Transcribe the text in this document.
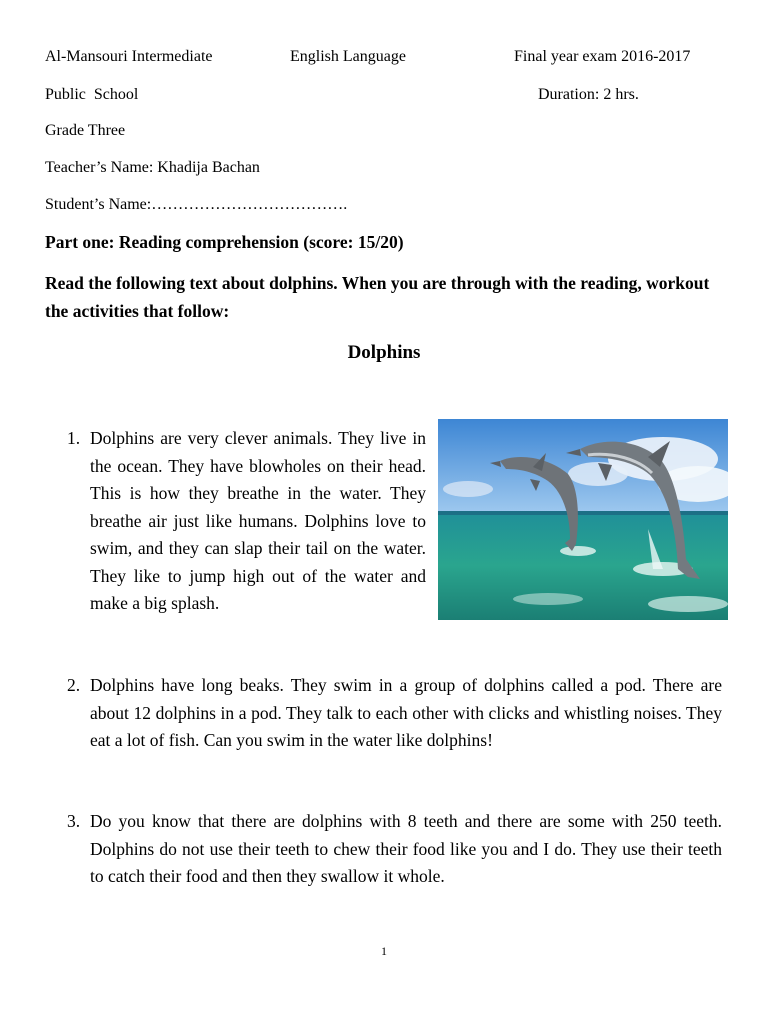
Al-Mansouri Intermediate	English Language	Final year exam 2016-2017
Public  School	Duration: 2 hrs.
Grade Three
Teacher’s Name: Khadija Bachan
Student’s Name:……………………………….
Part one: Reading comprehension (score: 15/20)
Read the following text about dolphins. When you are through with the reading, workout the activities that follow:
Dolphins
1. Dolphins are very clever animals. They live in the ocean. They have blowholes on their head. This is how they breathe in the water. They breathe air just like humans. Dolphins love to swim, and they can slap their tail on the water. They like to jump high out of the water and make a big splash.
2. Dolphins have long beaks. They swim in a group of dolphins called a pod. There are about 12 dolphins in a pod. They talk to each other with clicks and whistling noises. They eat a lot of fish. Can you swim in the water like dolphins!
3. Do you know that there are dolphins with 8 teeth and there are some with 250 teeth. Dolphins do not use their teeth to chew their food like you and I do. They use their teeth to catch their food and then they swallow it whole.
1
